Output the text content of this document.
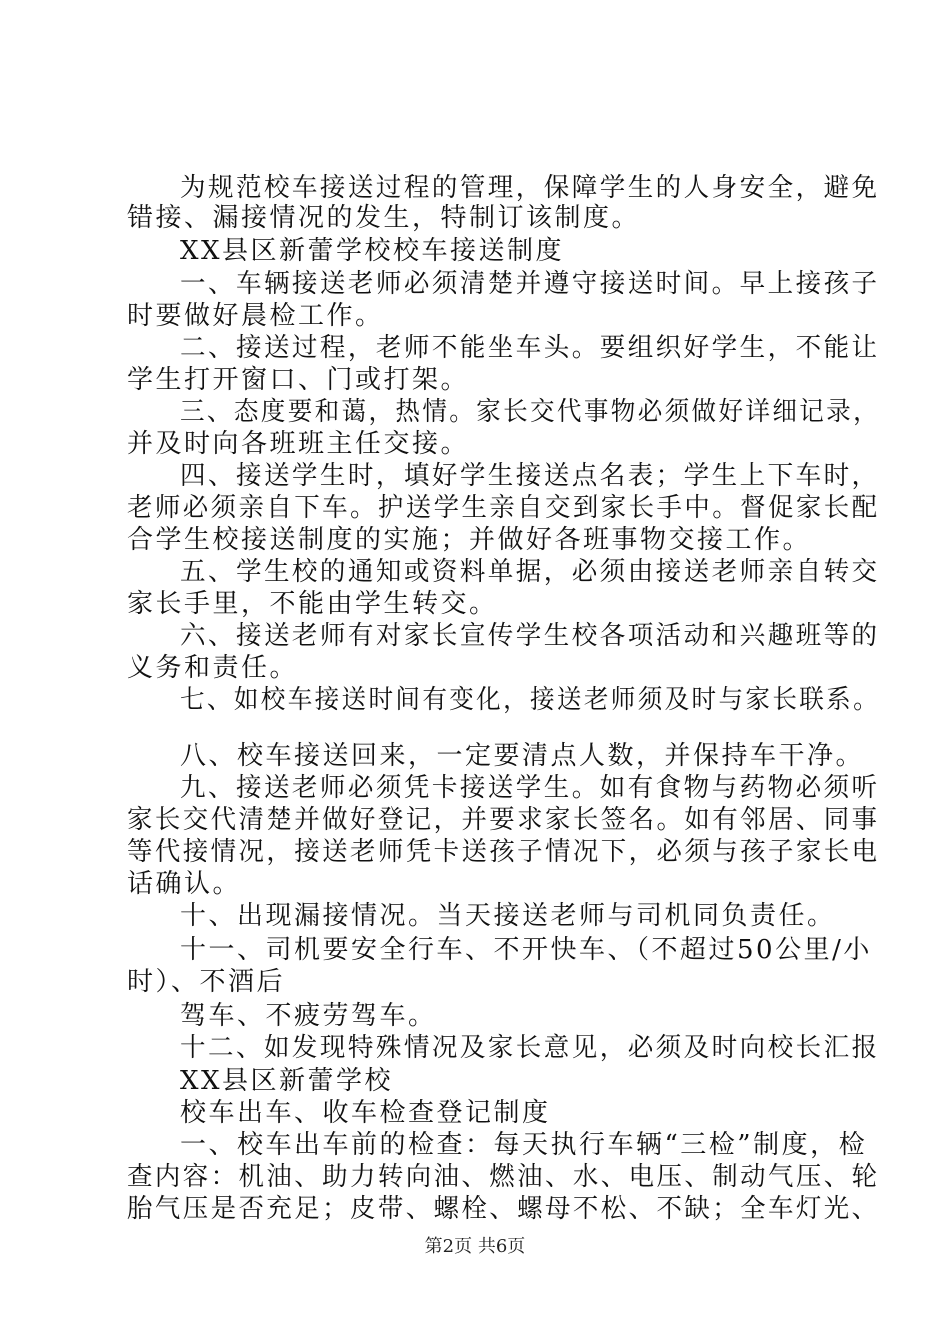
为规范校车接送过程的管理，保障学生的人身安全，避免
错接、漏接情况的发生，特制订该制度。
XX县区新蕾学校校车接送制度
一、车辆接送老师必须清楚并遵守接送时间。早上接孩子
时要做好晨检工作。
二、接送过程，老师不能坐车头。要组织好学生，不能让
学生打开窗口、门或打架。
三、态度要和蔼，热情。家长交代事物必须做好详细记录，
并及时向各班班主任交接。
四、接送学生时，填好学生接送点名表；学生上下车时，
老师必须亲自下车。护送学生亲自交到家长手中。督促家长配
合学生校接送制度的实施；并做好各班事物交接工作。
五、学生校的通知或资料单据，必须由接送老师亲自转交
家长手里，不能由学生转交。
六、接送老师有对家长宣传学生校各项活动和兴趣班等的
义务和责任。
七、如校车接送时间有变化，接送老师须及时与家长联系。
八、校车接送回来，一定要清点人数，并保持车干净。
九、接送老师必须凭卡接送学生。如有食物与药物必须听
家长交代清楚并做好登记，并要求家长签名。如有邻居、同事
等代接情况，接送老师凭卡送孩子情况下，必须与孩子家长电
话确认。
十、出现漏接情况。当天接送老师与司机同负责任。
十一、司机要安全行车、不开快车、（不超过50公里/小
时）、不酒后
驾车、不疲劳驾车。
十二、如发现特殊情况及家长意见，必须及时向校长汇报
XX县区新蕾学校
校车出车、收车检查登记制度
一、校车出车前的检查：每天执行车辆“三检”制度，检
查内容：机油、助力转向油、燃油、水、电压、制动气压、轮
胎气压是否充足；皮带、螺栓、螺母不松、不缺；全车灯光、
第2页 共6页
